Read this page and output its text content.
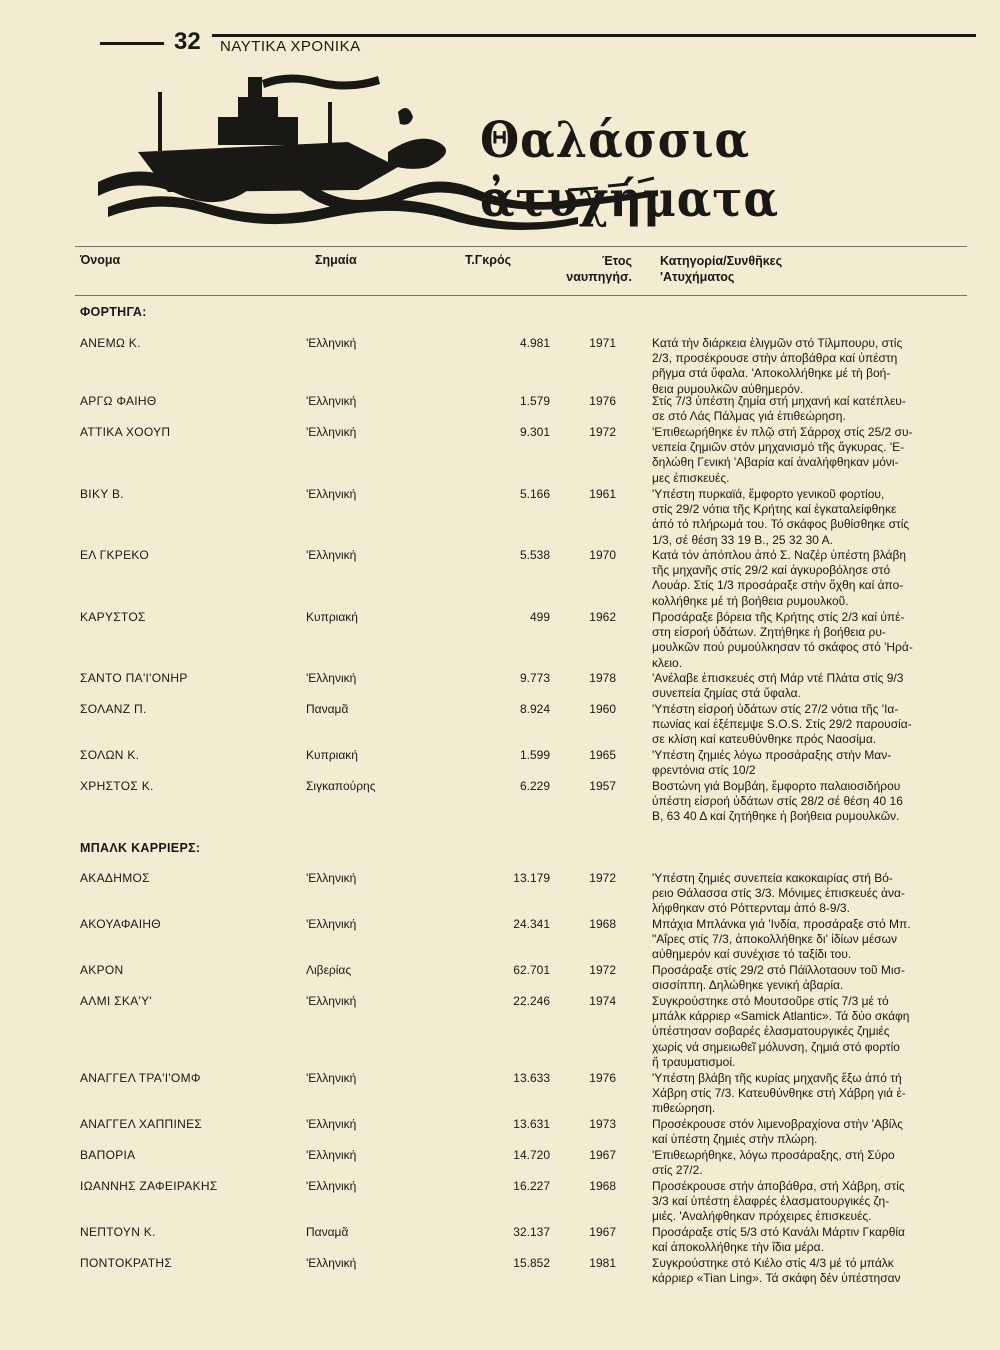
32 ΝΑΥΤΙΚΑ ΧΡΟΝΙΚΑ
Θαλάσσια ἀτυχήματα
Όνομα	Σημαία	Τ.Γκρός	Έτος
ναυπηγήσ.
Κατηγορία/Συνθῆκες
'Ατυχήματος
ΦΟΡΤΗΓΑ:
ΑΝΕΜΩ Κ.	'Ελληνική	4.981	1971	Κατά τὴν διάρκεια ἐλιγμῶν στό Τίλμπουρυ, στίς
2/3, προσέκρουσε στὴν ἀποβάθρα καί ὑπέστη
ρῆγμα στά ὕφαλα. 'Αποκολλήθηκε μέ τὴ βοή-
θεια ρυμουλκῶν αὐθημερόν.
ΑΡΓΩ ΦΑΙΗΘ	'Ελληνική	1.579	1976	Στίς 7/3 ὑπέστη ζημία στή μηχανή καί κατέπλευ-
σε στό Λάς Πάλμας γιά ἐπιθεώρηση.
ΑΤΤΙΚΑ ΧΟΟΥΠ	'Ελληνική	9.301	1972	'Επιθεωρήθηκε ἐν πλῷ στή Σάρροχ στίς 25/2 συ-
νεπεία ζημιῶν στόν μηχανισμό τῆς ἄγκυρας. 'Ε-
δηλώθη Γενική 'Αβαρία καί ἀναλήφθηκαν μόνι-
μες ἐπισκευές.
ΒΙΚΥ Β.	'Ελληνική	5.166	1961	'Υπέστη πυρκαϊά, ἔμφορτο γενικοῦ φορτίου,
στίς 29/2 νότια τῆς Κρήτης καί ἐγκαταλείφθηκε
ἀπό τό πλήρωμά του. Τό σκάφος βυθίσθηκε στίς
1/3, σέ θέση 33 19 Β., 25 32 30 Α.
ΕΛ ΓΚΡΕΚΟ	'Ελληνική	5.538	1970	Κατά τόν ἀπόπλου ἀπό Σ. Ναζέρ ὑπέστη βλάβη
τῆς μηχανῆς στίς 29/2 καί ἀγκυροβόλησε στό
Λουάρ. Στίς 1/3 προσάραξε στὴν ὄχθη καί ἀπο-
κολλήθηκε μέ τή βοήθεια ρυμουλκοῦ.
ΚΑΡΥΣΤΟΣ	Κυπριακή	499	1962	Προσάραξε βόρεια τῆς Κρήτης στίς 2/3 καί ὑπέ-
στη εἰσροή ὑδάτων. Ζητήθηκε ἡ βοήθεια ρυ-
μουλκῶν πού ρυμούλκησαν τό σκάφος στό 'Ηρά-
κλειο.
ΣΑΝΤΟ ΠΑ'Ι'ΟΝΗΡ	'Ελληνική	9.773	1978	'Ανέλαβε ἐπισκευές στή Μάρ ντέ Πλάτα στίς 9/3
συνεπεία ζημίας στά ὕφαλα.
ΣΟΛΑΝΖ Π.	Παναμᾶ	8.924	1960	'Υπέστη εἰσροή ὑδάτων στίς 27/2 νότια τῆς 'Ια-
πωνίας καί ἐξέπεμψε S.O.S. Στίς 29/2 παρουσία-
σε κλίση καί κατευθύνθηκε πρός Ναοσίμα.
ΣΟΛΩΝ Κ.	Κυπριακή	1.599	1965	'Υπέστη ζημιές λόγω προσάραξης στὴν Μαν-
φρεντόνια στίς 10/2
ΧΡΗΣΤΟΣ Κ.	Σιγκαπούρης	6.229	1957	Βοστώνη γιά Βομβάη, ἔμφορτο παλαιοσιδήρου
ὑπέστη εἰσροή ὑδάτων στίς 28/2 σέ θέση 40 16
Β, 63 40 Δ καί ζητήθηκε ἡ βοήθεια ρυμουλκῶν.
ΜΠΑΛΚ ΚΑΡΡΙΕΡΣ:
ΑΚΑΔΗΜΟΣ	'Ελληνική	13.179	1972	'Υπέστη ζημιές συνεπεία κακοκαιρίας στή Βό-
ρειο Θάλασσα στίς 3/3. Μόνιμες ἐπισκευές ἀνα-
λήφθηκαν στό Ρόττερνταμ ἀπό 8-9/3.
ΑΚΟΥΑΦΑΙΗΘ	'Ελληνική	24.341	1968	Μπάχια Μπλάνκα γιά 'Ινδία, προσάραξε στό Μπ.
"Αΐρες στίς 7/3, ἀποκολλήθηκε δι' ἰδίων μέσων
αὐθημερόν καί συνέχισε τό ταξίδι του.
ΑΚΡΟΝ	Λιβερίας	62.701	1972	Προσάραξε στίς 29/2 στό Πάϊλλοταουν τοῦ Μισ-
σισσίππη. Δηλώθηκε γενική ἀβαρία.
ΑΛΜΙ ΣΚΑ'Υ'	'Ελληνική	22.246	1974	Συγκρούστηκε στό Μουτσοῦρε στίς 7/3 μέ τό
μπάλκ κάρριερ «Samick Atlantic». Τά δύο σκάφη
ὑπέστησαν σοβαρές ἐλασματουργικές ζημιές
χωρίς νά σημειωθεῖ μόλυνση, ζημιά στό φορτίο
ἤ τραυματισμοί.
ΑΝΑΓΓΕΛ ΤΡΑ'Ι'ΟΜΦ	'Ελληνική	13.633	1976	'Υπέστη βλάβη τῆς κυρίας μηχανῆς ἔξω ἀπό τή
Χάβρη στίς 7/3. Κατευθύνθηκε στή Χάβρη γιά ἐ-
πιθεώρηση.
ΑΝΑΓΓΕΛ ΧΑΠΠΙΝΕΣ	'Ελληνική	13.631	1973	Προσέκρουσε στόν λιμενοβραχίονα στὴν 'Αβίλς
καί ὑπέστη ζημιές στὴν πλώρη.
ΒΑΠΟΡΙΑ	'Ελληνική	14.720	1967	'Επιθεωρήθηκε, λόγω προσάραξης, στή Σύρο
στίς 27/2.
ΙΩΑΝΝΗΣ ΖΑΦΕΙΡΑΚΗΣ	'Ελληνική	16.227	1968	Προσέκρουσε στήν ἀποβάθρα, στή Χάβρη, στίς
3/3 καί ὑπέστη ἐλαφρές ἐλασματουργικές ζη-
μιές. 'Αναλήφθηκαν πρόχειρες ἐπισκευές.
ΝΕΠΤΟΥΝ Κ.	Παναμᾶ	32.137	1967	Προσάραξε στίς 5/3 στό Κανάλι Μάρτιν Γκαρθία
καί ἀποκολλήθηκε τὴν ἴδια μέρα.
ΠΟΝΤΟΚΡΑΤΗΣ	'Ελληνική	15.852	1981	Συγκρούστηκε στό Κιέλο στίς 4/3 μέ τό μπάλκ
κάρριερ «Tian Ling». Τά σκάφη δέν ὑπέστησαν
